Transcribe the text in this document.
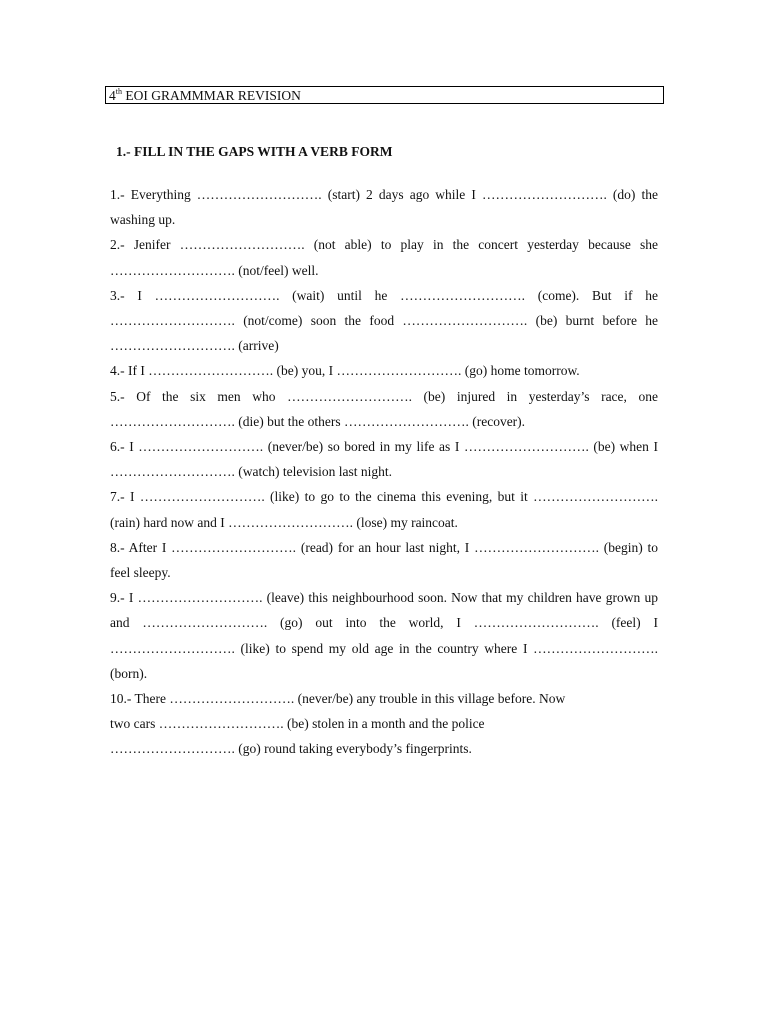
4th EOI GRAMMMAR REVISION
1.- FILL IN THE GAPS WITH A VERB FORM
1.- Everything ………………………. (start) 2 days ago while I ………………………. (do) the washing up.
2.- Jenifer ………………………. (not able) to play in the concert yesterday because she ………………………. (not/feel) well.
3.- I ………………………. (wait) until he ………………………. (come). But if he ………………………. (not/come) soon the food ………………………. (be) burnt before he ………………………. (arrive)
4.- If I ………………………. (be) you, I ………………………. (go) home tomorrow.
5.- Of the six men who ………………………. (be) injured in yesterday’s race, one ………………………. (die) but the others ………………………. (recover).
6.- I ………………………. (never/be) so bored in my life as I ………………………. (be) when I ………………………. (watch) television last night.
7.- I ………………………. (like) to go to the cinema this evening, but it ………………………. (rain) hard now and I ………………………. (lose) my raincoat.
8.- After I ………………………. (read) for an hour last night, I ………………………. (begin) to feel sleepy.
9.- I ………………………. (leave) this neighbourhood soon. Now that my children have grown up and ………………………. (go) out into the world, I ………………………. (feel) I ………………………. (like) to spend my old age in the country where I ………………………. (born).
10.- There ………………………. (never/be) any trouble in this village before. Now
two cars ………………………. (be) stolen in a month and the police
………………………. (go) round taking everybody’s fingerprints.
